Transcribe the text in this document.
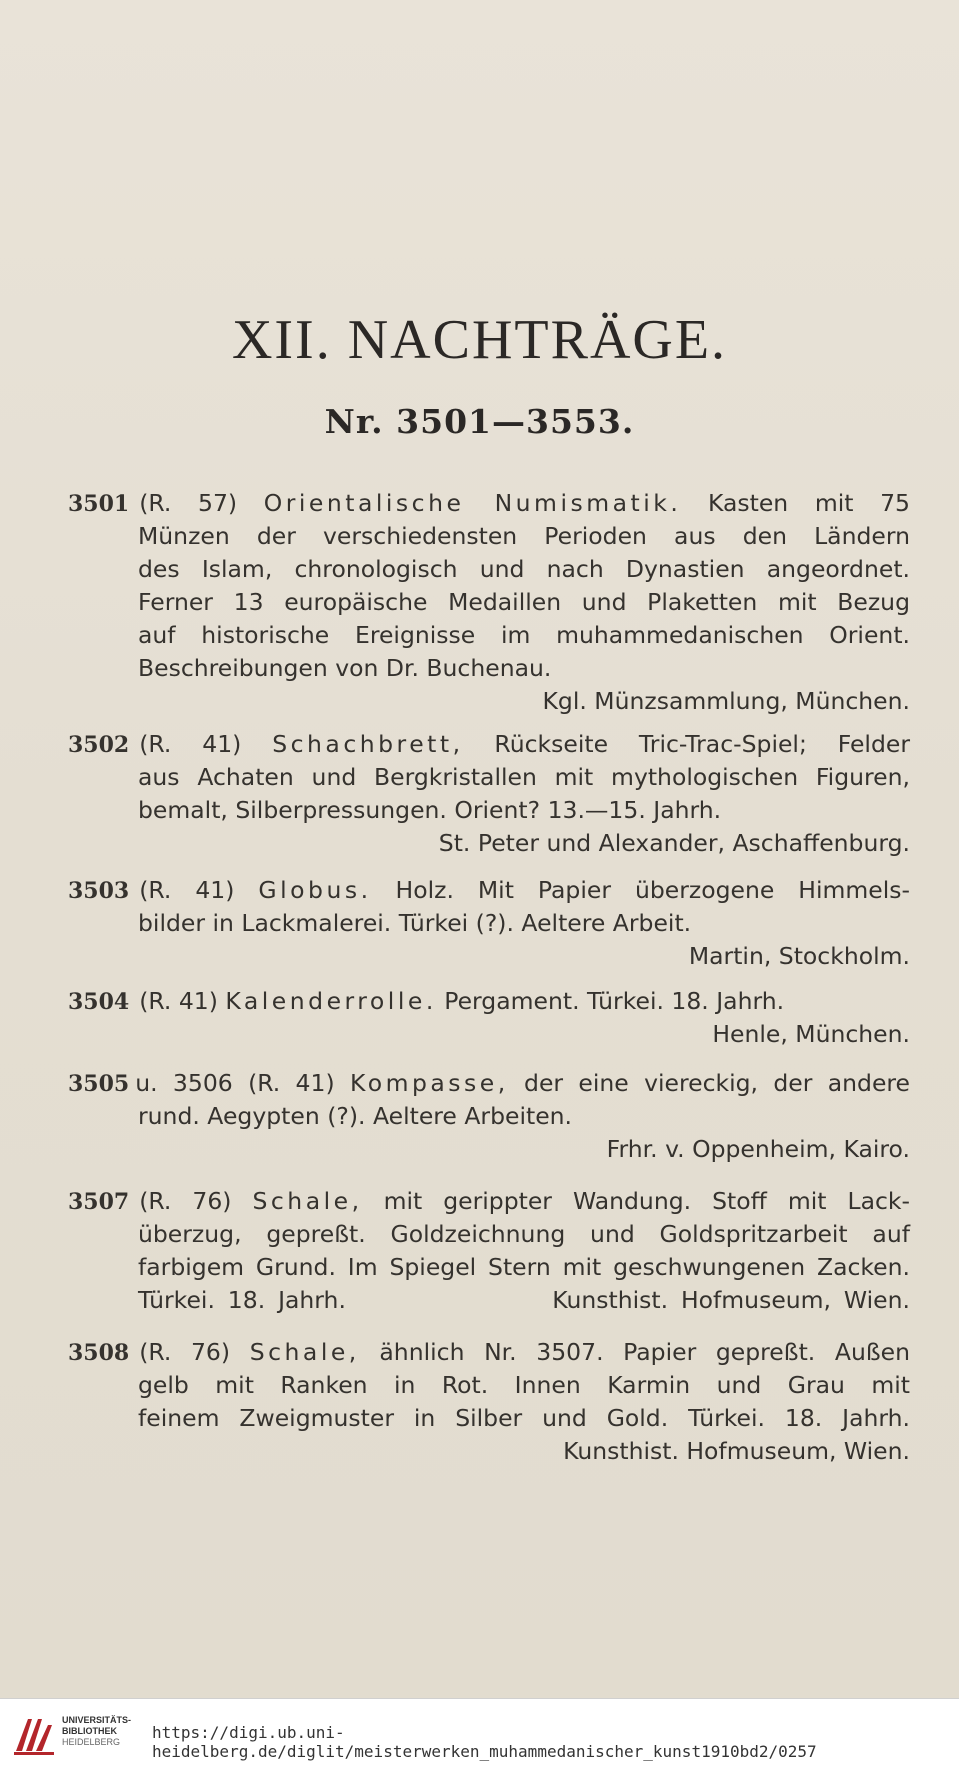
XII. NACHTRÄGE.
Nr. 3501—3553.
3501 (R. 57) Orientalische Numismatik. Kasten mit 75
Münzen der verschiedensten Perioden aus den Ländern
des Islam, chronologisch und nach Dynastien angeordnet.
Ferner 13 europäische Medaillen und Plaketten mit Bezug
auf historische Ereignisse im muhammedanischen Orient.
Beschreibungen von Dr. Buchenau.
Kgl. Münzsammlung, München.
3502 (R. 41) Schachbrett, Rückseite Tric-Trac-Spiel; Felder
aus Achaten und Bergkristallen mit mythologischen Figuren,
bemalt, Silberpressungen. Orient? 13.—15. Jahrh.
St. Peter und Alexander, Aschaffenburg.
3503 (R. 41) Globus. Holz. Mit Papier überzogene Himmels-
bilder in Lackmalerei. Türkei (?). Aeltere Arbeit.
Martin, Stockholm.
3504 (R. 41) Kalenderrolle. Pergament. Türkei. 18. Jahrh.
Henle, München.
3505 u. 3506 (R. 41) Kompasse, der eine viereckig, der andere
rund. Aegypten (?). Aeltere Arbeiten.
Frhr. v. Oppenheim, Kairo.
3507 (R. 76) Schale, mit gerippter Wandung. Stoff mit Lack-
überzug, gepreßt. Goldzeichnung und Goldspritzarbeit auf
farbigem Grund. Im Spiegel Stern mit geschwungenen Zacken.
Türkei. 18. Jahrh.                Kunsthist. Hofmuseum, Wien.
3508 (R. 76) Schale, ähnlich Nr. 3507. Papier gepreßt. Außen
gelb mit Ranken in Rot. Innen Karmin und Grau mit
feinem Zweigmuster in Silber und Gold. Türkei. 18. Jahrh.
Kunsthist. Hofmuseum, Wien.
UNIVERSITÄTS-
BIBLIOTHEK
HEIDELBERG	https://digi.ub.uni-heidelberg.de/diglit/meisterwerken_muhammedanischer_kunst1910bd2/0257
